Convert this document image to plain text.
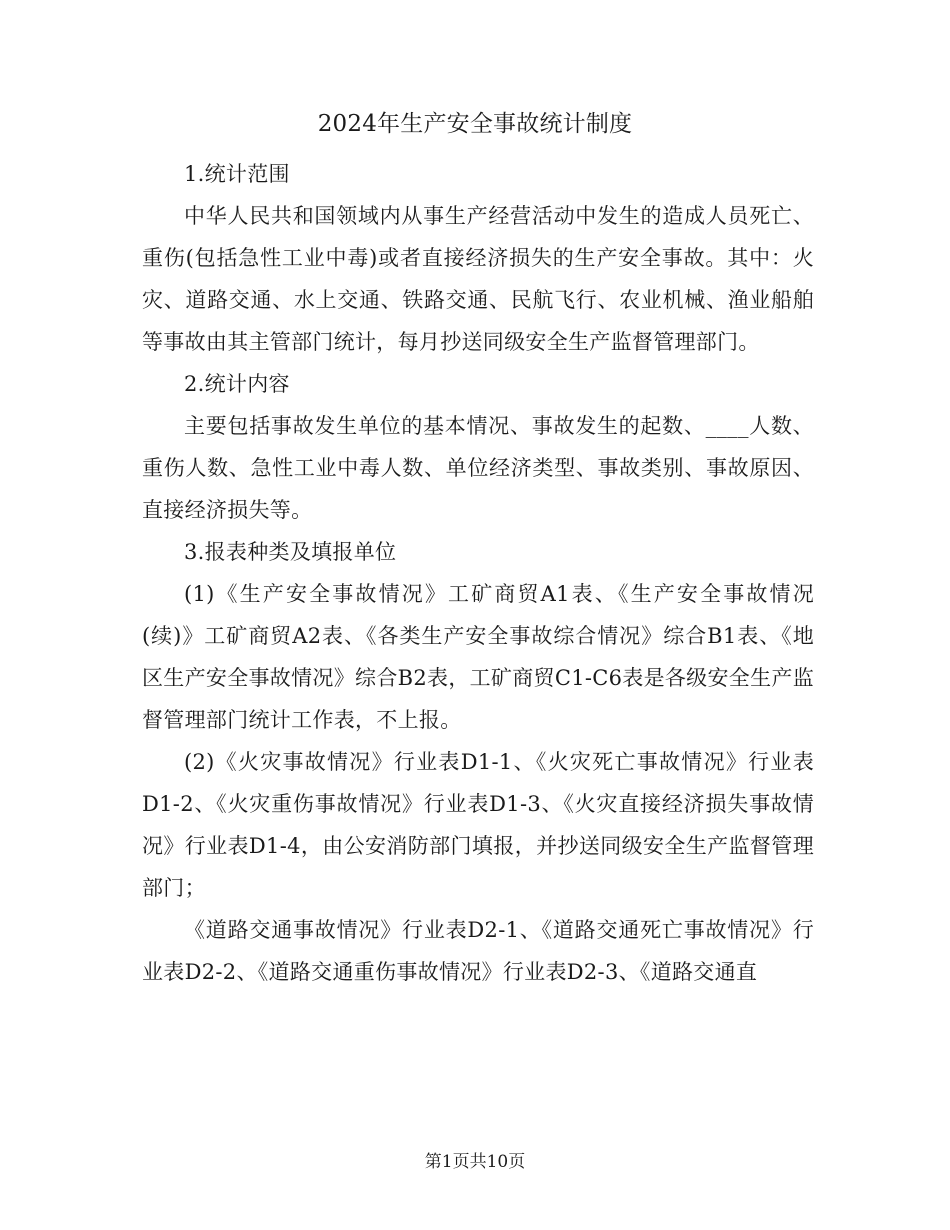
2024年生产安全事故统计制度

1.统计范围

中华人民共和国领域内从事生产经营活动中发生的造成人员死亡、重伤(包括急性工业中毒)或者直接经济损失的生产安全事故。其中：火灾、道路交通、水上交通、铁路交通、民航飞行、农业机械、渔业船舶等事故由其主管部门统计，每月抄送同级安全生产监督管理部门。

2.统计内容

主要包括事故发生单位的基本情况、事故发生的起数、____人数、重伤人数、急性工业中毒人数、单位经济类型、事故类别、事故原因、直接经济损失等。

3.报表种类及填报单位

(1)《生产安全事故情况》工矿商贸A1表、《生产安全事故情况(续)》工矿商贸A2表、《各类生产安全事故综合情况》综合B1表、《地区生产安全事故情况》综合B2表，工矿商贸C1-C6表是各级安全生产监督管理部门统计工作表，不上报。

(2)《火灾事故情况》行业表D1-1、《火灾死亡事故情况》行业表D1-2、《火灾重伤事故情况》行业表D1-3、《火灾直接经济损失事故情况》行业表D1-4，由公安消防部门填报，并抄送同级安全生产监督管理部门；

《道路交通事故情况》行业表D2-1、《道路交通死亡事故情况》行业表D2-2、《道路交通重伤事故情况》行业表D2-3、《道路交通直

第1页共10页
